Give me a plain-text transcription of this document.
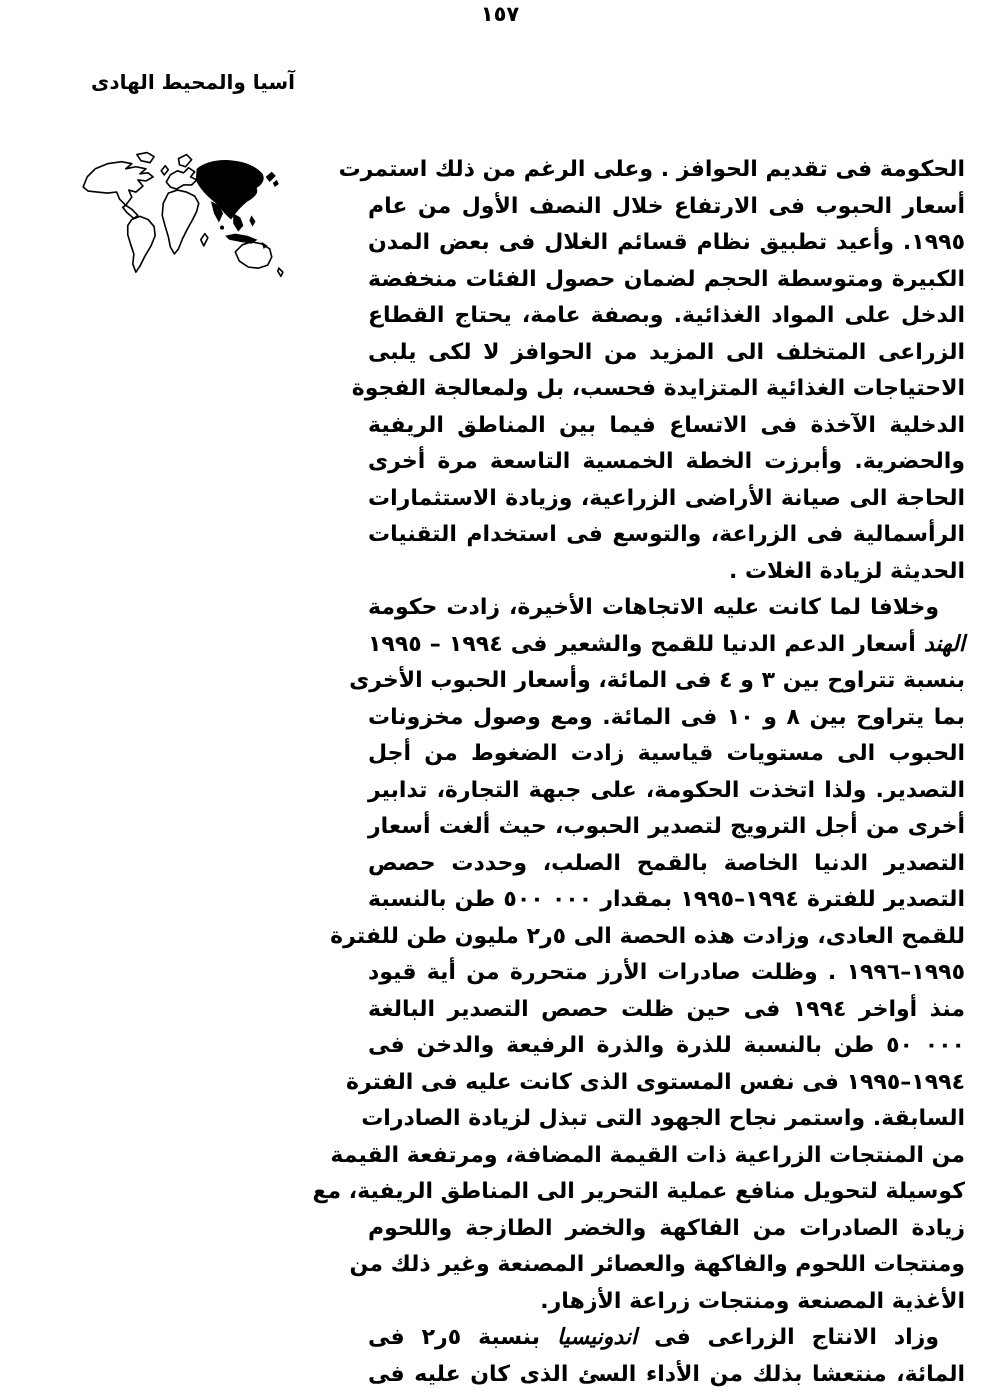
١٥٧
آسيا والمحيط الهادى
الحكومة فى تقديم الحوافز . وعلى الرغم من ذلك استمرت
أسعار الحبوب فى الارتفاع خلال النصف الأول من عام
١٩٩٥. وأعيد تطبيق نظام قسائم الغلال فى بعض المدن
الكبيرة ومتوسطة الحجم لضمان حصول الفئات منخفضة
الدخل على المواد الغذائية. وبصفة عامة، يحتاج القطاع
الزراعى المتخلف الى المزيد من الحوافز لا لكى يلبى
الاحتياجات الغذائية المتزايدة فحسب، بل ولمعالجة الفجوة
الدخلية الآخذة فى الاتساع فيما بين المناطق الريفية
والحضرية. وأبرزت الخطة الخمسية التاسعة مرة أخرى
الحاجة الى صيانة الأراضى الزراعية، وزيادة الاستثمارات
الرأسمالية فى الزراعة، والتوسع فى استخدام التقنيات
الحديثة لزيادة الغلات .
وخلافا لما كانت عليه الاتجاهات الأخيرة، زادت حكومة
الهند أسعار الدعم الدنيا للقمح والشعير فى ١٩٩٤ – ١٩٩٥
بنسبة تتراوح بين ٣ و ٤ فى المائة، وأسعار الحبوب الأخرى
بما يتراوح بين ٨ و ١٠ فى المائة. ومع وصول مخزونات
الحبوب الى مستويات قياسية زادت الضغوط من أجل
التصدير. ولذا اتخذت الحكومة، على جبهة التجارة، تدابير
أخرى من أجل الترويج لتصدير الحبوب، حيث ألغت أسعار
التصدير الدنيا الخاصة بالقمح الصلب، وحددت حصص
التصدير للفترة ١٩٩٤–١٩٩٥ بمقدار ٥٠٠ ٠٠٠ طن بالنسبة
للقمح العادى، وزادت هذه الحصة الى ٥ر٢ مليون طن للفترة
١٩٩٥–١٩٩٦ . وظلت صادرات الأرز متحررة من أية قيود
منذ أواخر ١٩٩٤ فى حين ظلت حصص التصدير البالغة
٥٠ ٠٠٠ طن بالنسبة للذرة والذرة الرفيعة والدخن فى
١٩٩٤–١٩٩٥ فى نفس المستوى الذى كانت عليه فى الفترة
السابقة. واستمر نجاح الجهود التى تبذل لزيادة الصادرات
من المنتجات الزراعية ذات القيمة المضافة، ومرتفعة القيمة
كوسيلة لتحويل منافع عملية التحرير الى المناطق الريفية، مع
زيادة الصادرات من الفاكهة والخضر الطازجة واللحوم
ومنتجات اللحوم والفاكهة والعصائر المصنعة وغير ذلك من
الأغذية المصنعة ومنتجات زراعة الأزهار.
وزاد الانتاج الزراعى فى اندونيسيا بنسبة ٥ر٢ فى
المائة، منتعشا بذلك من الأداء السئ الذى كان عليه فى
